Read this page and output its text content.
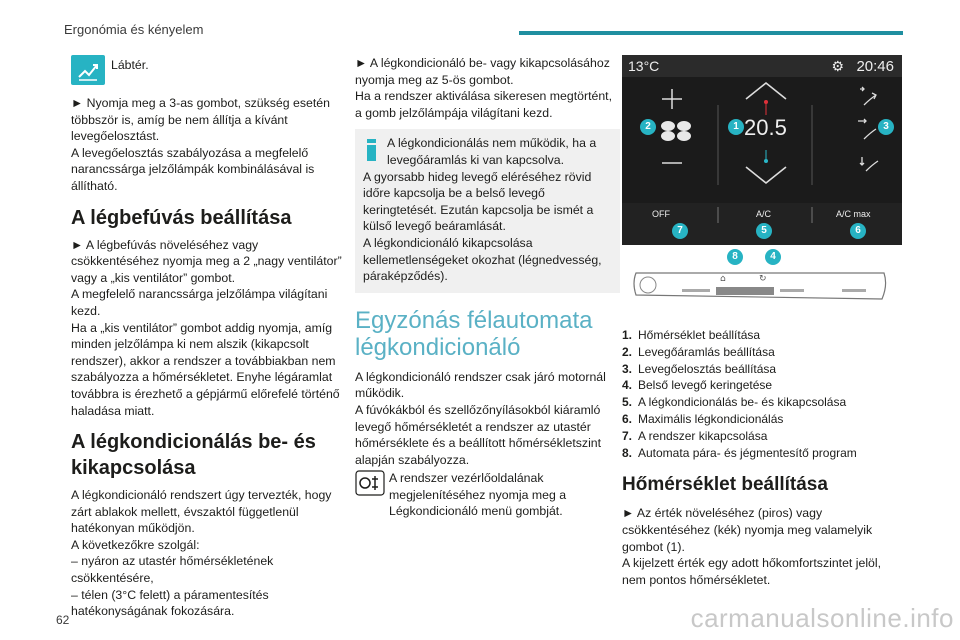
Ergonómia és kényelem

Lábtér.

► Nyomja meg a 3-as gombot, szükség esetén többször is, amíg be nem állítja a kívánt levegőelosztást.

A levegőelosztás szabályozása a megfelelő narancssárga jelzőlámpák kombinálásával is állítható.

A légbefúvás beállítása

► A légbefúvás növeléséhez vagy csökkentéséhez nyomja meg a 2 „nagy ventilátor” vagy a „kis ventilátor” gombot.

A megfelelő narancssárga jelzőlámpa világítani kezd.

Ha a „kis ventilátor” gombot addig nyomja, amíg minden jelzőlámpa ki nem alszik (kikapcsolt rendszer), akkor a rendszer a továbbiakban nem szabályozza a hőmérsékletet. Enyhe légáramlat továbbra is érezhető a gépjármű előrefelé történő haladása miatt.

A légkondicionálás be- és kikapcsolása

A légkondicionáló rendszert úgy tervezték, hogy zárt ablakok mellett, évszaktól függetlenül hatékonyan működjön.

A következőkre szolgál:

– nyáron az utastér hőmérsékletének csökkentésére,

– télen (3°C felett) a páramentesítés hatékonyságának fokozására.

► A légkondicionáló be- vagy kikapcsolásához nyomja meg az 5-ös gombot.

Ha a rendszer aktiválása sikeresen megtörtént, a gomb jelzőlámpája világítani kezd.

A légkondicionálás nem működik, ha a levegőáramlás ki van kapcsolva.

A gyorsabb hideg levegő eléréséhez rövid időre kapcsolja be a belső levegő keringtetését. Ezután kapcsolja be ismét a külső levegő beáramlását.

A légkondicionáló kikapcsolása kellemetlenségeket okozhat (légnedvesség, páraképződés).

Egyzónás félautomata légkondicionáló

A légkondicionáló rendszer csak járó motornál működik.

A fúvókákból és szellőzőnyílásokból kiáramló levegő hőmérsékletét a rendszer az utastér hőmérséklete és a beállított hőmérsékletszint alapján szabályozza.

A rendszer vezérlőoldalának megjelenítéséhez nyomja meg a Légkondicionáló menü gombját.

13°C	20:46
⚙
20.5
OFF	A/C	A/C max
1
2	3
7	5	6
⌂	↻
8	4
1. Hőmérséklet beállítása
2. Levegőáramlás beállítása
3. Levegőelosztás beállítása
4. Belső levegő keringetése
5. A légkondicionálás be- és kikapcsolása
6. Maximális légkondicionálás
7. A rendszer kikapcsolása
8. Automata pára- és jégmentesítő program
Hőmérséklet beállítása

► Az érték növeléséhez (piros) vagy csökkentéséhez (kék) nyomja meg valamelyik gombot (1).

A kijelzett érték egy adott hőkomfortszintet jelöl, nem pontos hőmérsékletet.

62	carmanualsonline.info
